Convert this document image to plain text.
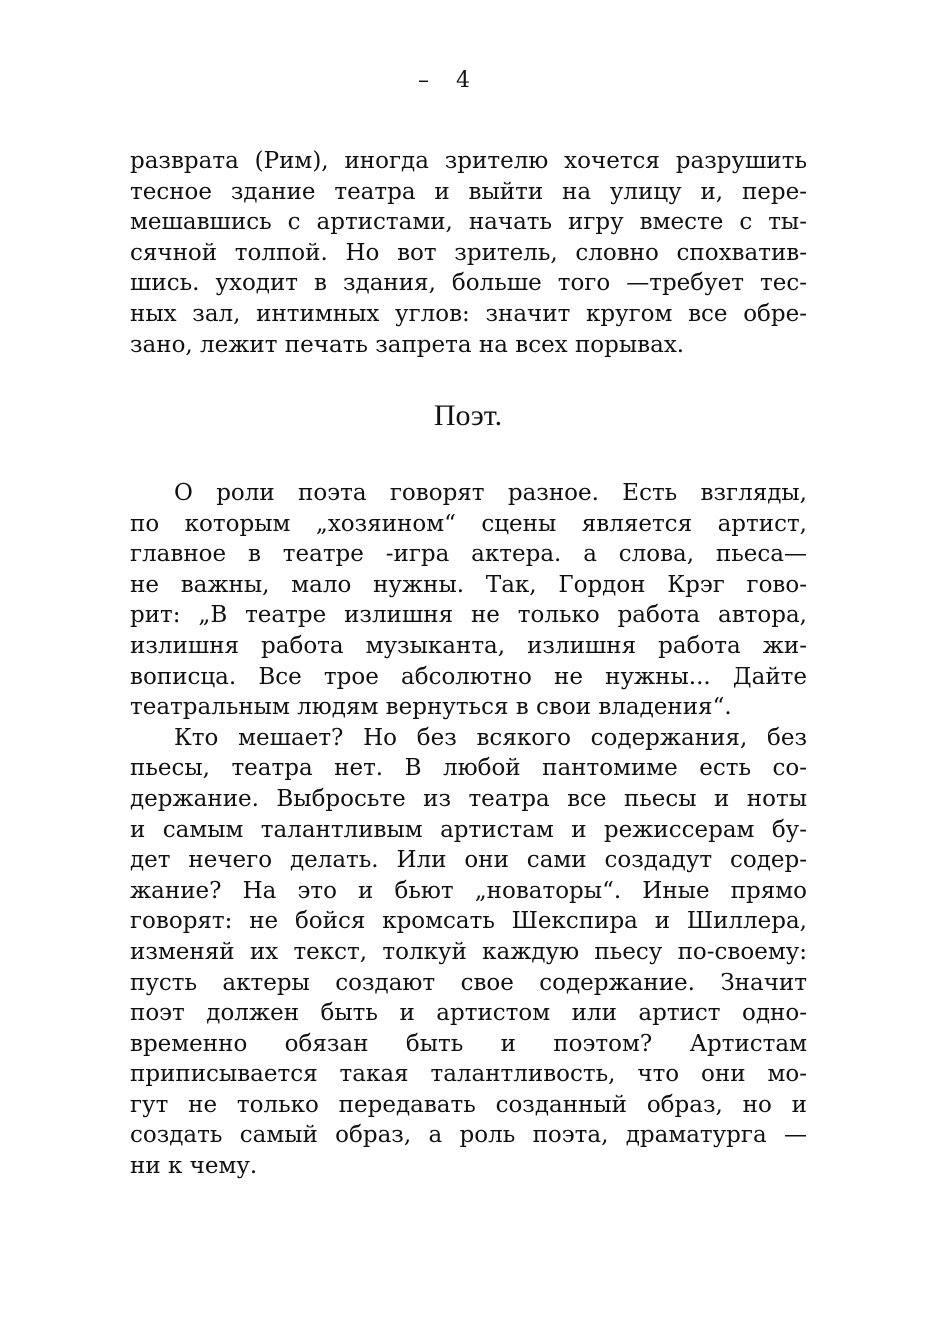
– 4
разврата (Рим), иногда зрителю хочется разрушить
тесное здание театра и выйти на улицу и, пере-
мешавшись с артистами, начать игру вместе с ты-
сячной толпой. Но вот зритель, словно спохватив-
шись. уходит в здания, больше того —требует тес-
ных зал, интимных углов: значит кругом все обре-
зано, лежит печать запрета на всех порывах.
Поэт.
О роли поэта говорят разное. Есть взгляды,
по которым „хозяином“ сцены является артист,
главное в театре -игра актера. а слова, пьеса—
не важны, мало нужны. Так, Гордон Крэг гово-
рит: „В театре излишня не только работа автора,
излишня работа музыканта, излишня работа жи-
вописца. Все трое абсолютно не нужны... Дайте
театральным людям вернуться в свои владения“.
Кто мешает? Но без всякого содержания, без
пьесы, театра нет. В любой пантомиме есть со-
держание. Выбросьте из театра все пьесы и ноты
и самым талантливым артистам и режиссерам бу-
дет нечего делать. Или они сами создадут содер-
жание? На это и бьют „новаторы“. Иные прямо
говорят: не бойся кромсать Шекспира и Шиллера,
изменяй их текст, толкуй каждую пьесу по-своему:
пусть актеры создают свое содержание. Значит
поэт должен быть и артистом или артист одно-
временно обязан быть и поэтом? Артистам
приписывается такая талантливость, что они мо-
гут не только передавать созданный образ, но и
создать самый образ, а роль поэта, драматурга —
ни к чему.
